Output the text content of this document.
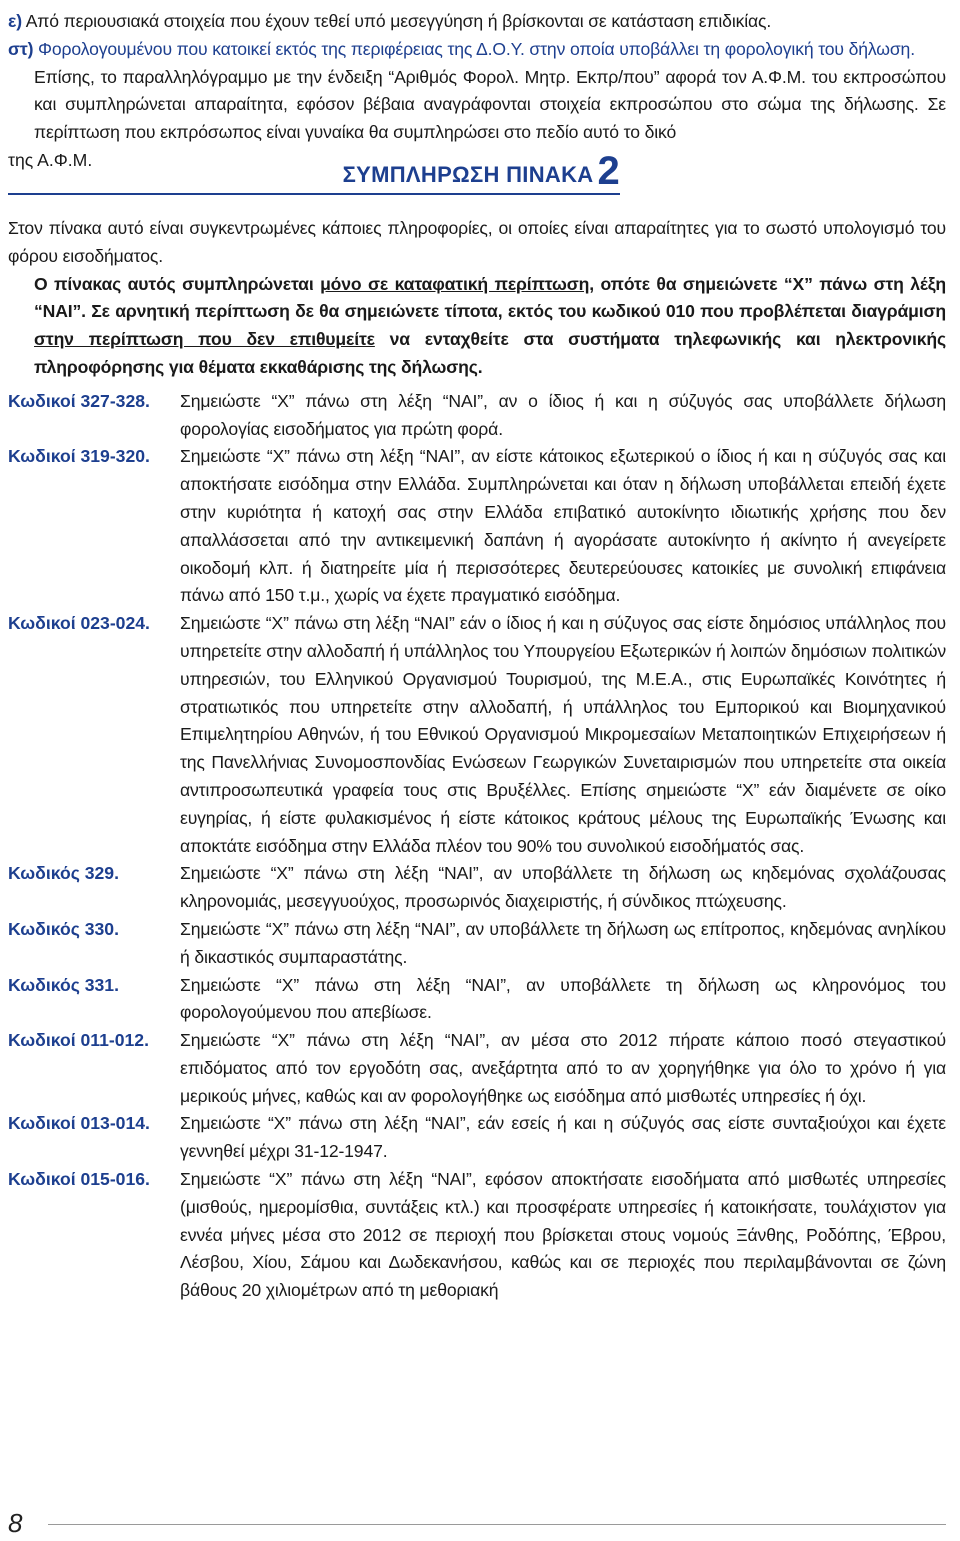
ε) Από περιουσιακά στοιχεία που έχουν τεθεί υπό μεσεγγύηση ή βρίσκονται σε κατάσταση επιδικίας.

στ) Φορολογουμένου που κατοικεί εκτός της περιφέρειας της Δ.Ο.Υ. στην οποία υποβάλλει τη φορολογική του δήλωση.

Επίσης, το παραλληλόγραμμο με την ένδειξη “Αριθμός Φορολ. Μητρ. Εκπρ/που” αφορά τον Α.Φ.Μ. του εκπροσώπου και συμπληρώνεται απαραίτητα, εφόσον βέβαια αναγράφονται στοιχεία εκπροσώπου στο σώμα της δήλωσης. Σε περίπτωση που εκπρόσωπος είναι γυναίκα θα συμπληρώσει στο πεδίο αυτό το δικό

της Α.Φ.Μ.
ΣΥΜΠΛΗΡΩΣΗ ΠΙΝΑΚΑ 2

Στον πίνακα αυτό είναι συγκεντρωμένες κάποιες πληροφορίες, οι οποίες είναι απαραίτητες για το σωστό υπολογισμό του φόρου εισοδήματος.

Ο πίνακας αυτός συμπληρώνεται μόνο σε καταφατική περίπτωση, οπότε θα σημειώνετε “Χ” πάνω στη λέξη “ΝΑΙ”. Σε αρνητική περίπτωση δε θα σημειώνετε τίποτα, εκτός του κωδικού 010 που προβλέπεται διαγράμιση στην περίπτωση που δεν επιθυμείτε να ενταχθείτε στα συστήματα τηλεφωνικής και ηλεκτρονικής πληροφόρησης για θέματα εκκαθάρισης της δήλωσης.

Κωδικοί 327-328.	Σημειώστε “Χ” πάνω στη λέξη “ΝΑΙ”, αν ο ίδιος ή και η σύζυγός σας υποβάλλετε δήλωση φορολογίας εισοδήματος για πρώτη φορά.
Κωδικοί 319-320.	Σημειώστε “Χ” πάνω στη λέξη “ΝΑΙ”, αν είστε κάτοικος εξωτερικού ο ίδιος ή και η σύζυγός σας και αποκτήσατε εισόδημα στην Ελλάδα. Συμπληρώνεται και όταν η δήλωση υποβάλλεται επειδή έχετε στην κυριότητα ή κατοχή σας στην Ελλάδα επιβατικό αυτοκίνητο ιδιωτικής χρήσης που δεν απαλλάσσεται από την αντικειμενική δαπάνη ή αγοράσατε αυτοκίνητο ή ακίνητο ή ανεγείρετε οικοδομή κλπ. ή διατηρείτε μία ή περισσότερες δευτερεύουσες κατοικίες με συνολική επιφάνεια πάνω από 150 τ.μ., χωρίς να έχετε πραγματικό εισόδημα.
Κωδικοί 023-024.	Σημειώστε “Χ” πάνω στη λέξη “ΝΑΙ” εάν ο ίδιος ή και η σύζυγος σας είστε δημόσιος υπάλληλος που υπηρετείτε στην αλλοδαπή ή υπάλληλος του Υπουργείου Εξωτερικών ή λοιπών δημόσιων πολιτικών υπηρεσιών, του Ελληνικού Οργανισμού Τουρισμού, της Μ.Ε.Α., στις Ευρωπαϊκές Κοινότητες ή στρατιωτικός που υπηρετείτε στην αλλοδαπή, ή υπάλληλος του Εμπορικού και Βιομηχανικού Επιμελητηρίου Αθηνών, ή του Εθνικού Οργανισμού Μικρομεσαίων Μεταποιητικών Επιχειρήσεων ή της Πανελλήνιας Συνομοσπονδίας Ενώσεων Γεωργικών Συνεταιρισμών που υπηρετείτε στα οικεία αντιπροσωπευτικά γραφεία τους στις Βρυξέλλες. Επίσης σημειώστε “Χ” εάν διαμένετε σε οίκο ευγηρίας, ή είστε φυλακισμένος ή είστε κάτοικος κράτους μέλους της Ευρωπαϊκής Ένωσης και αποκτάτε εισόδημα στην Ελλάδα πλέον του 90% του συνολικού εισοδήματός σας.
Κωδικός 329.	Σημειώστε “Χ” πάνω στη λέξη “ΝΑΙ”, αν υποβάλλετε τη δήλωση ως κηδεμόνας σχολάζουσας κληρονομιάς, μεσεγγυούχος, προσωρινός διαχειριστής, ή σύνδικος πτώχευσης.
Κωδικός 330.	Σημειώστε “Χ” πάνω στη λέξη “ΝΑΙ”, αν υποβάλλετε τη δήλωση ως επίτροπος, κηδεμόνας ανηλίκου ή δικαστικός συμπαραστάτης.
Κωδικός 331.	Σημειώστε “Χ” πάνω στη λέξη “ΝΑΙ”, αν υποβάλλετε τη δήλωση ως κληρονόμος του φορολογούμενου που απεβίωσε.
Κωδικοί 011-012.	Σημειώστε “Χ” πάνω στη λέξη “ΝΑΙ”, αν μέσα στο 2012 πήρατε κάποιο ποσό στεγαστικού επιδόματος από τον εργοδότη σας, ανεξάρτητα από το αν χορηγήθηκε για όλο το χρόνο ή για μερικούς μήνες, καθώς και αν φορολογήθηκε ως εισόδημα από μισθωτές υπηρεσίες ή όχι.
Κωδικοί 013-014.	Σημειώστε “Χ” πάνω στη λέξη “ΝΑΙ”, εάν εσείς ή και η σύζυγός σας είστε συνταξιούχοι και έχετε γεννηθεί μέχρι 31-12-1947.
Κωδικοί 015-016.	Σημειώστε “Χ” πάνω στη λέξη “ΝΑΙ”, εφόσον αποκτήσατε εισοδήματα από μισθωτές υπηρεσίες (μισθούς, ημερομίσθια, συντάξεις κτλ.) και προσφέρατε υπηρεσίες ή κατοικήσατε, τουλάχιστον για εννέα μήνες μέσα στο 2012 σε περιοχή που βρίσκεται στους νομούς Ξάνθης, Ροδόπης, Έβρου, Λέσβου, Χίου, Σάμου και Δωδεκανήσου, καθώς και σε περιοχές που περιλαμβάνονται σε ζώνη βάθους 20 χιλιομέτρων από τη μεθοριακή
8
